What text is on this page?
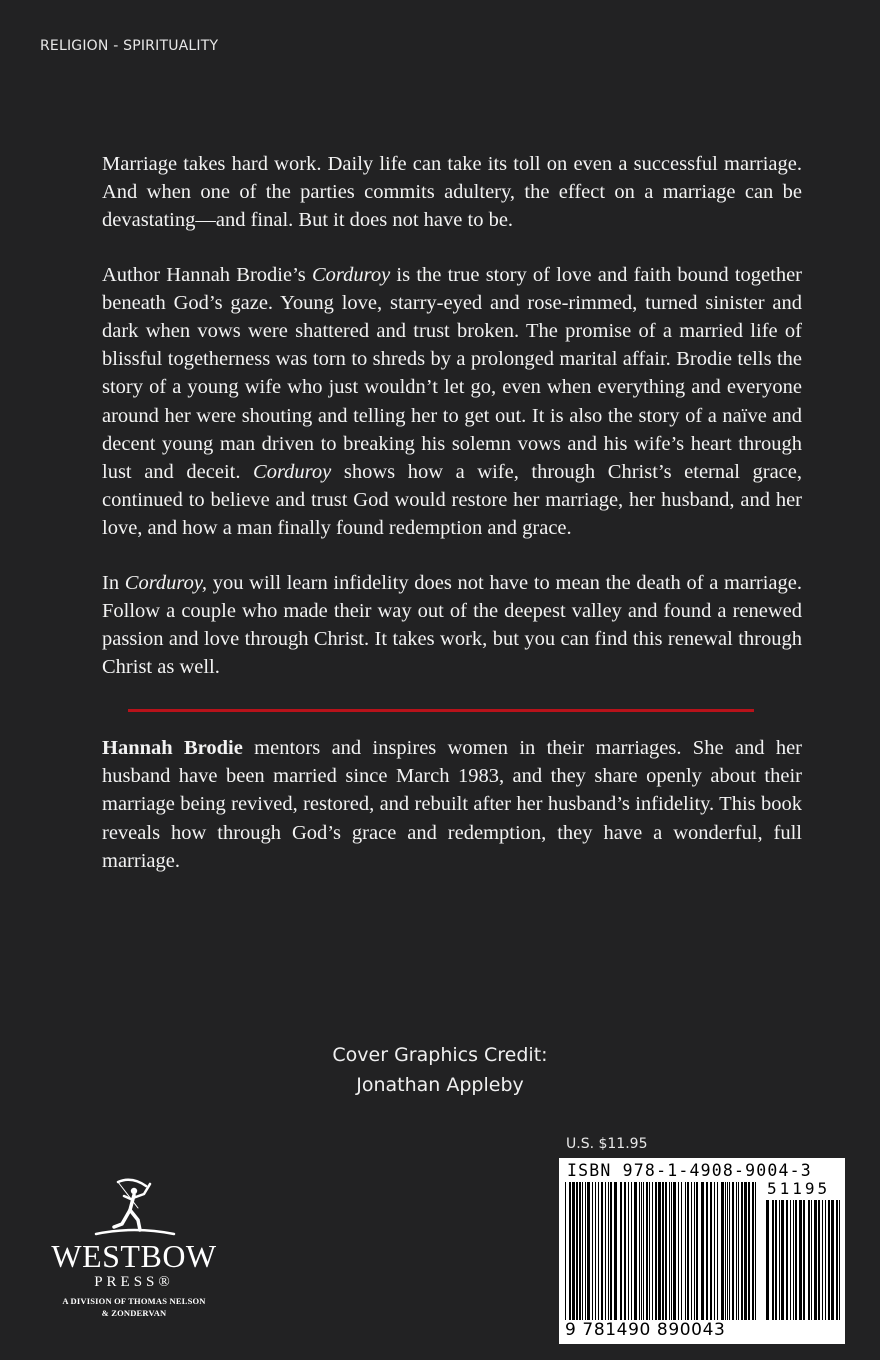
RELIGION - SPIRITUALITY

Marriage takes hard work. Daily life can take its toll on even a successful marriage. And when one of the parties commits adultery, the effect on a marriage can be devastating—and final. But it does not have to be.

Author Hannah Brodie’s Corduroy is the true story of love and faith bound together beneath God’s gaze. Young love, starry-eyed and rose-rimmed, turned sinister and dark when vows were shattered and trust broken. The promise of a married life of blissful togetherness was torn to shreds by a prolonged marital affair. Brodie tells the story of a young wife who just wouldn’t let go, even when everything and everyone around her were shouting and telling her to get out. It is also the story of a naïve and decent young man driven to breaking his solemn vows and his wife’s heart through lust and deceit. Corduroy shows how a wife, through Christ’s eternal grace, continued to believe and trust God would restore her marriage, her husband, and her love, and how a man finally found redemption and grace.

In Corduroy, you will learn infidelity does not have to mean the death of a marriage. Follow a couple who made their way out of the deepest valley and found a renewed passion and love through Christ. It takes work, but you can find this renewal through Christ as well.

Hannah Brodie mentors and inspires women in their marriages. She and her husband have been married since March 1983, and they share openly about their marriage being revived, restored, and rebuilt after her husband’s infidelity. This book reveals how through God’s grace and redemption, they have a wonderful, full marriage.

Cover Graphics Credit:
Jonathan Appleby
WESTBOW
PRESS®
A DIVISION OF THOMAS NELSON
& ZONDERVAN
U.S. $11.95
ISBN 978-1-4908-9004-3
51195
9 781490 890043
